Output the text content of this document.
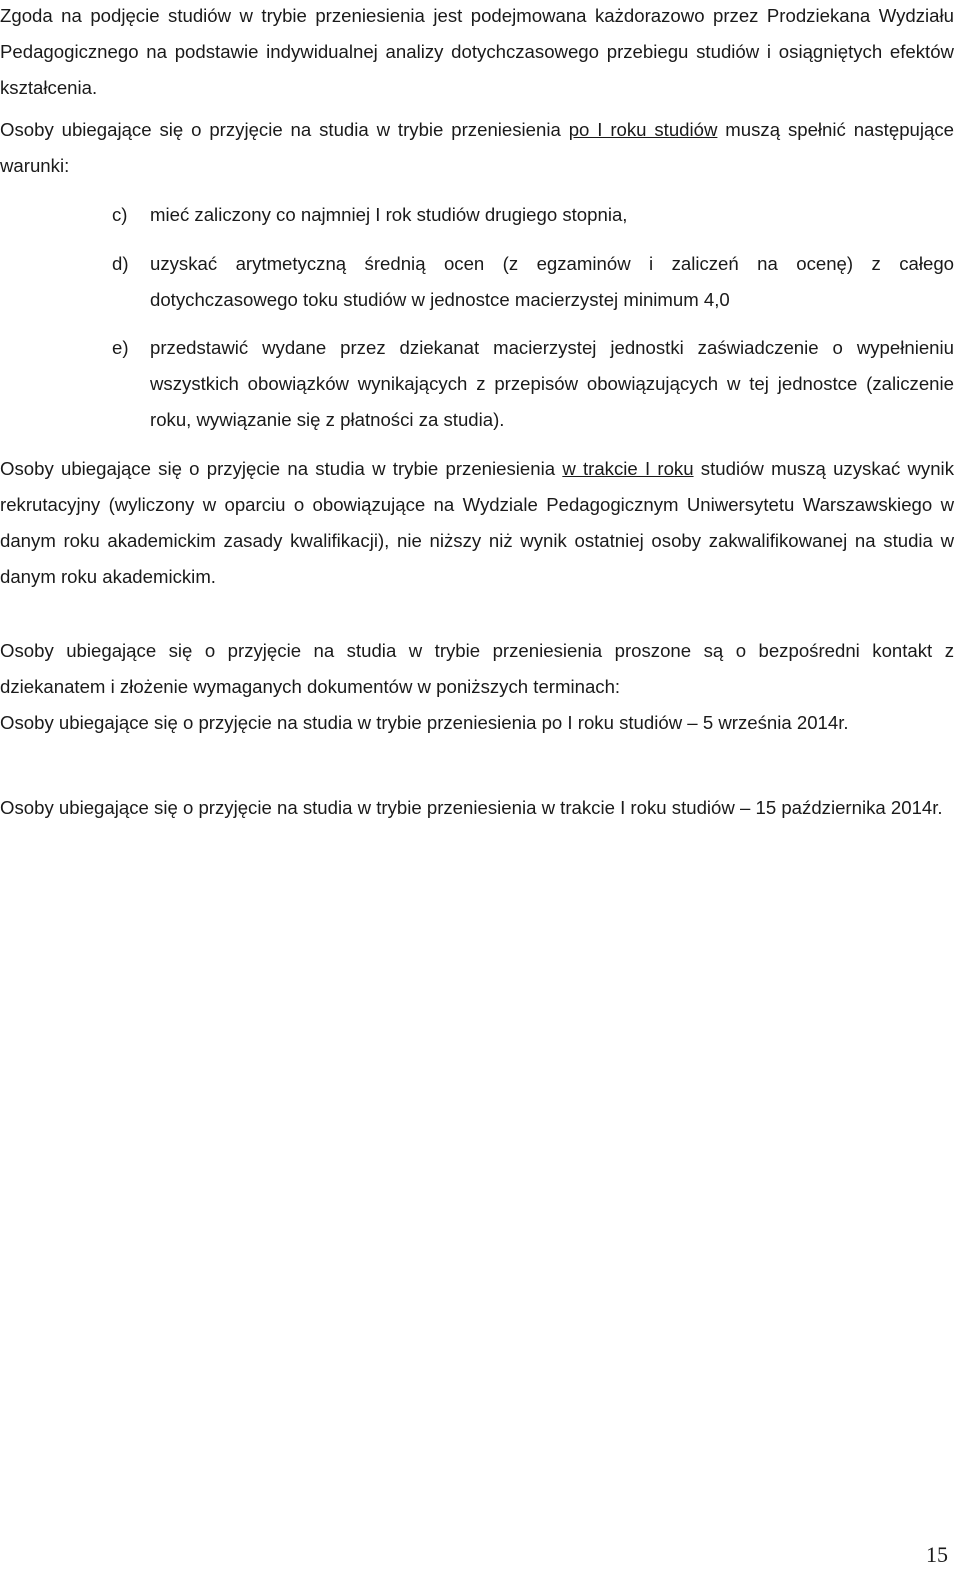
Zgoda na podjęcie studiów w trybie przeniesienia jest podejmowana każdorazowo przez Prodziekana Wydziału Pedagogicznego na podstawie indywidualnej analizy dotychczasowego przebiegu studiów i osiągniętych efektów kształcenia.

Osoby ubiegające się o przyjęcie na studia w trybie przeniesienia po I roku studiów muszą spełnić następujące warunki:

c) mieć zaliczony co najmniej I rok studiów drugiego stopnia,
d) uzyskać arytmetyczną średnią ocen (z egzaminów i zaliczeń na ocenę) z całego dotychczasowego toku studiów w jednostce macierzystej minimum 4,0
e) przedstawić wydane przez dziekanat macierzystej jednostki zaświadczenie o wypełnieniu wszystkich obowiązków wynikających z przepisów obowiązujących w tej jednostce (zaliczenie roku, wywiązanie się z płatności za studia).

Osoby ubiegające się o przyjęcie na studia w trybie przeniesienia w trakcie I roku studiów muszą uzyskać wynik rekrutacyjny (wyliczony w oparciu o obowiązujące na Wydziale Pedagogicznym Uniwersytetu Warszawskiego w danym roku akademickim zasady kwalifikacji), nie niższy niż wynik ostatniej osoby zakwalifikowanej na studia w danym roku akademickim.

Osoby ubiegające się o przyjęcie na studia w trybie przeniesienia proszone są o bezpośredni kontakt z dziekanatem i złożenie wymaganych dokumentów w poniższych terminach:

Osoby ubiegające się o przyjęcie na studia w trybie przeniesienia po I roku studiów – 5 września 2014r.

Osoby ubiegające się o przyjęcie na studia w trybie przeniesienia w trakcie I roku studiów – 15 października 2014r.

15
